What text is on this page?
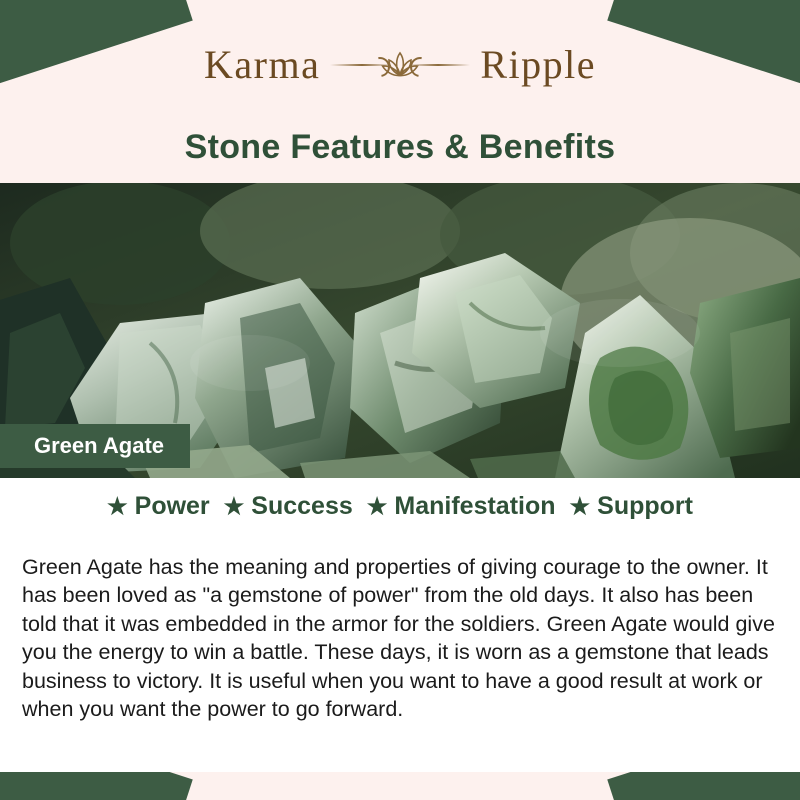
Karma	Ripple
Stone Features & Benefits
Green Agate
★ Power ★ Success ★ Manifestation ★ Support

Green Agate has the meaning and properties of giving courage to the owner. It has been loved as "a gemstone of power" from the old days. It also has been told that it was embedded in the armor for the soldiers. Green Agate would give you the energy to win a battle. These days, it is worn as a gemstone that leads business to victory. It is useful when you want to have a good result at work or when you want the power to go forward.
